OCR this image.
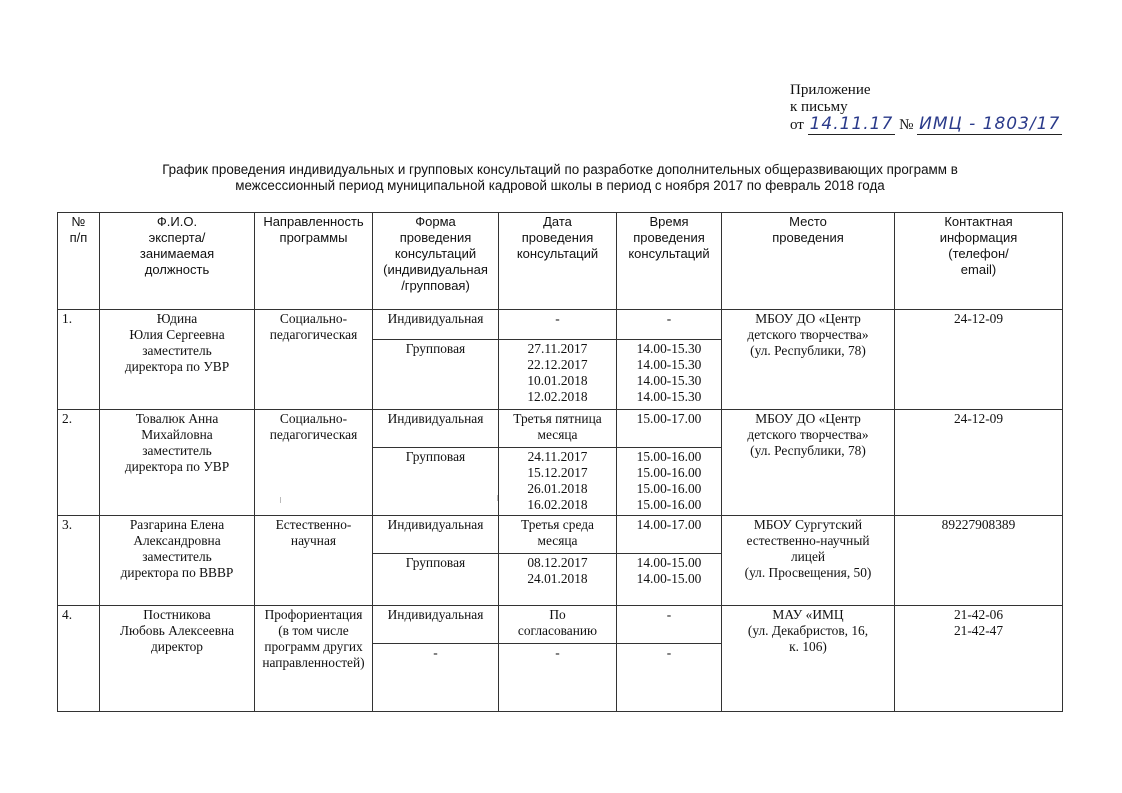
Приложение
к письму
от 14.11.17 № ИМЦ - 1803/17
График проведения индивидуальных и групповых консультаций по разработке дополнительных общеразвивающих программ в
межсессионный период муниципальной кадровой школы в период с ноября 2017 по февраль 2018 года
№
п/п	Ф.И.О.
эксперта/
занимаемая
должность	Направленность
программы	Форма
проведения
консультаций
(индивидуальная
/групповая)	Дата
проведения
консультаций	Время
проведения
консультаций	Место
проведения	Контактная
информация
(телефон/
email)

1.	Юдина
Юлия Сергеевна
заместитель
директора по УВР	Социально-
педагогическая	Индивидуальная	-	-	МБОУ ДО «Центр
детского творчества»
(ул. Республики, 78)	24-12-09

			Групповая	27.11.2017
22.12.2017
10.01.2018
12.02.2018	14.00-15.30
14.00-15.30
14.00-15.30
14.00-15.30		

2.	Товалюк Анна
Михайловна
заместитель
директора по УВР	Социально-
педагогическая	Индивидуальная	Третья пятница
месяца	15.00-17.00	МБОУ ДО «Центр
детского творчества»
(ул. Республики, 78)	24-12-09

			Групповая	24.11.2017
15.12.2017
26.01.2018
16.02.2018	15.00-16.00
15.00-16.00
15.00-16.00
15.00-16.00		

3.	Разгарина Елена
Александровна
заместитель
директора по ВВВР	Естественно-
научная	Индивидуальная	Третья среда
месяца	14.00-17.00	МБОУ Сургутский
естественно-научный
лицей
(ул. Просвещения, 50)	89227908389

			Групповая	08.12.2017
24.01.2018	14.00-15.00
14.00-15.00		

4.	Постникова
Любовь Алексеевна
директор	Профориентация
(в том числе
программ других
направленностей)	Индивидуальная	По
согласованию	-	МАУ «ИМЦ
(ул. Декабристов, 16,
к. 106)	21-42-06
21-42-47

			-	-	-		
